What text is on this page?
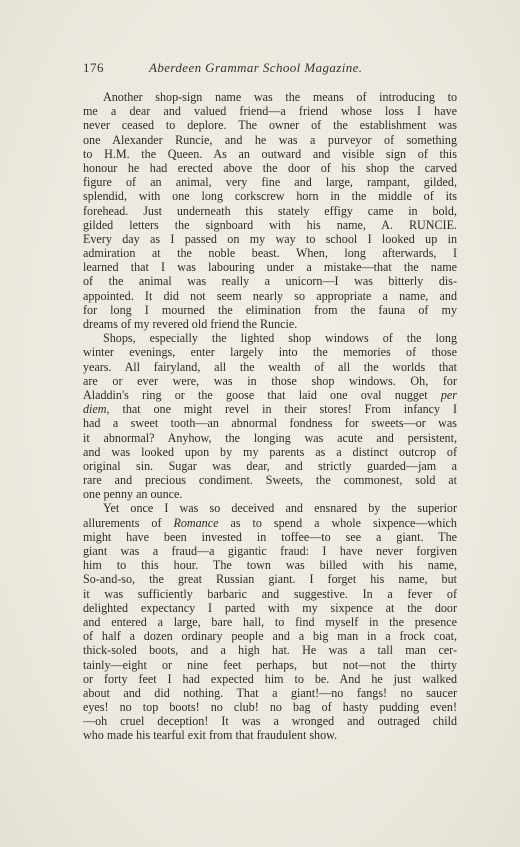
176	Aberdeen Grammar School Magazine.
Another shop-sign name was the means of introducing to
me a dear and valued friend—a friend whose loss I have
never ceased to deplore. The owner of the establishment was
one Alexander Runcie, and he was a purveyor of something
to H.M. the Queen. As an outward and visible sign of this
honour he had erected above the door of his shop the carved
figure of an animal, very fine and large, rampant, gilded,
splendid, with one long corkscrew horn in the middle of its
forehead. Just underneath this stately effigy came in bold,
gilded letters the signboard with his name, A. RUNCIE.
Every day as I passed on my way to school I looked up in
admiration at the noble beast. When, long afterwards, I
learned that I was labouring under a mistake—that the name
of the animal was really a unicorn—I was bitterly dis-
appointed. It did not seem nearly so appropriate a name, and
for long I mourned the elimination from the fauna of my
dreams of my revered old friend the Runcie.
Shops, especially the lighted shop windows of the long
winter evenings, enter largely into the memories of those
years. All fairyland, all the wealth of all the worlds that
are or ever were, was in those shop windows. Oh, for
Aladdin's ring or the goose that laid one oval nugget per
diem, that one might revel in their stores! From infancy I
had a sweet tooth—an abnormal fondness for sweets—or was
it abnormal? Anyhow, the longing was acute and persistent,
and was looked upon by my parents as a distinct outcrop of
original sin. Sugar was dear, and strictly guarded—jam a
rare and precious condiment. Sweets, the commonest, sold at
one penny an ounce.
Yet once I was so deceived and ensnared by the superior
allurements of Romance as to spend a whole sixpence—which
might have been invested in toffee—to see a giant. The
giant was a fraud—a gigantic fraud: I have never forgiven
him to this hour. The town was billed with his name,
So-and-so, the great Russian giant. I forget his name, but
it was sufficiently barbaric and suggestive. In a fever of
delighted expectancy I parted with my sixpence at the door
and entered a large, bare hall, to find myself in the presence
of half a dozen ordinary people and a big man in a frock coat,
thick-soled boots, and a high hat. He was a tall man cer-
tainly—eight or nine feet perhaps, but not—not the thirty
or forty feet I had expected him to be. And he just walked
about and did nothing. That a giant!—no fangs! no saucer
eyes! no top boots! no club! no bag of hasty pudding even!
—oh cruel deception! It was a wronged and outraged child
who made his tearful exit from that fraudulent show.
